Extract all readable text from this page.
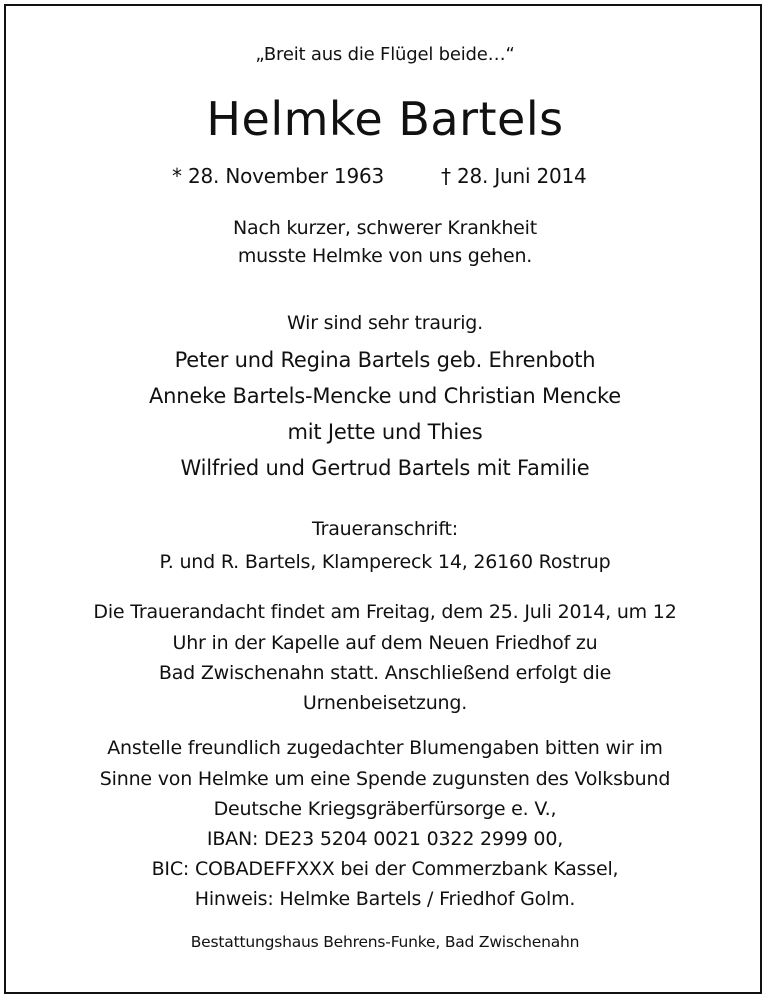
„Breit aus die Flügel beide…“
Helmke Bartels
* 28. November 1963	† 28. Juni 2014
Nach kurzer, schwerer Krankheit
musste Helmke von uns gehen.
Wir sind sehr traurig.
Peter und Regina Bartels geb. Ehrenboth
Anneke Bartels-Mencke und Christian Mencke
mit Jette und Thies
Wilfried und Gertrud Bartels mit Familie
Traueranschrift:
P. und R. Bartels, Klampereck 14, 26160 Rostrup
Die Trauerandacht findet am Freitag, dem 25. Juli 2014, um 12
Uhr in der Kapelle auf dem Neuen Friedhof zu
Bad Zwischenahn statt. Anschließend erfolgt die
Urnenbeisetzung.
Anstelle freundlich zugedachter Blumengaben bitten wir im
Sinne von Helmke um eine Spende zugunsten des Volksbund
Deutsche Kriegsgräberfürsorge e. V.,
IBAN: DE23 5204 0021 0322 2999 00,
BIC: COBADEFFXXX bei der Commerzbank Kassel,
Hinweis: Helmke Bartels / Friedhof Golm.
Bestattungshaus Behrens-Funke, Bad Zwischenahn
